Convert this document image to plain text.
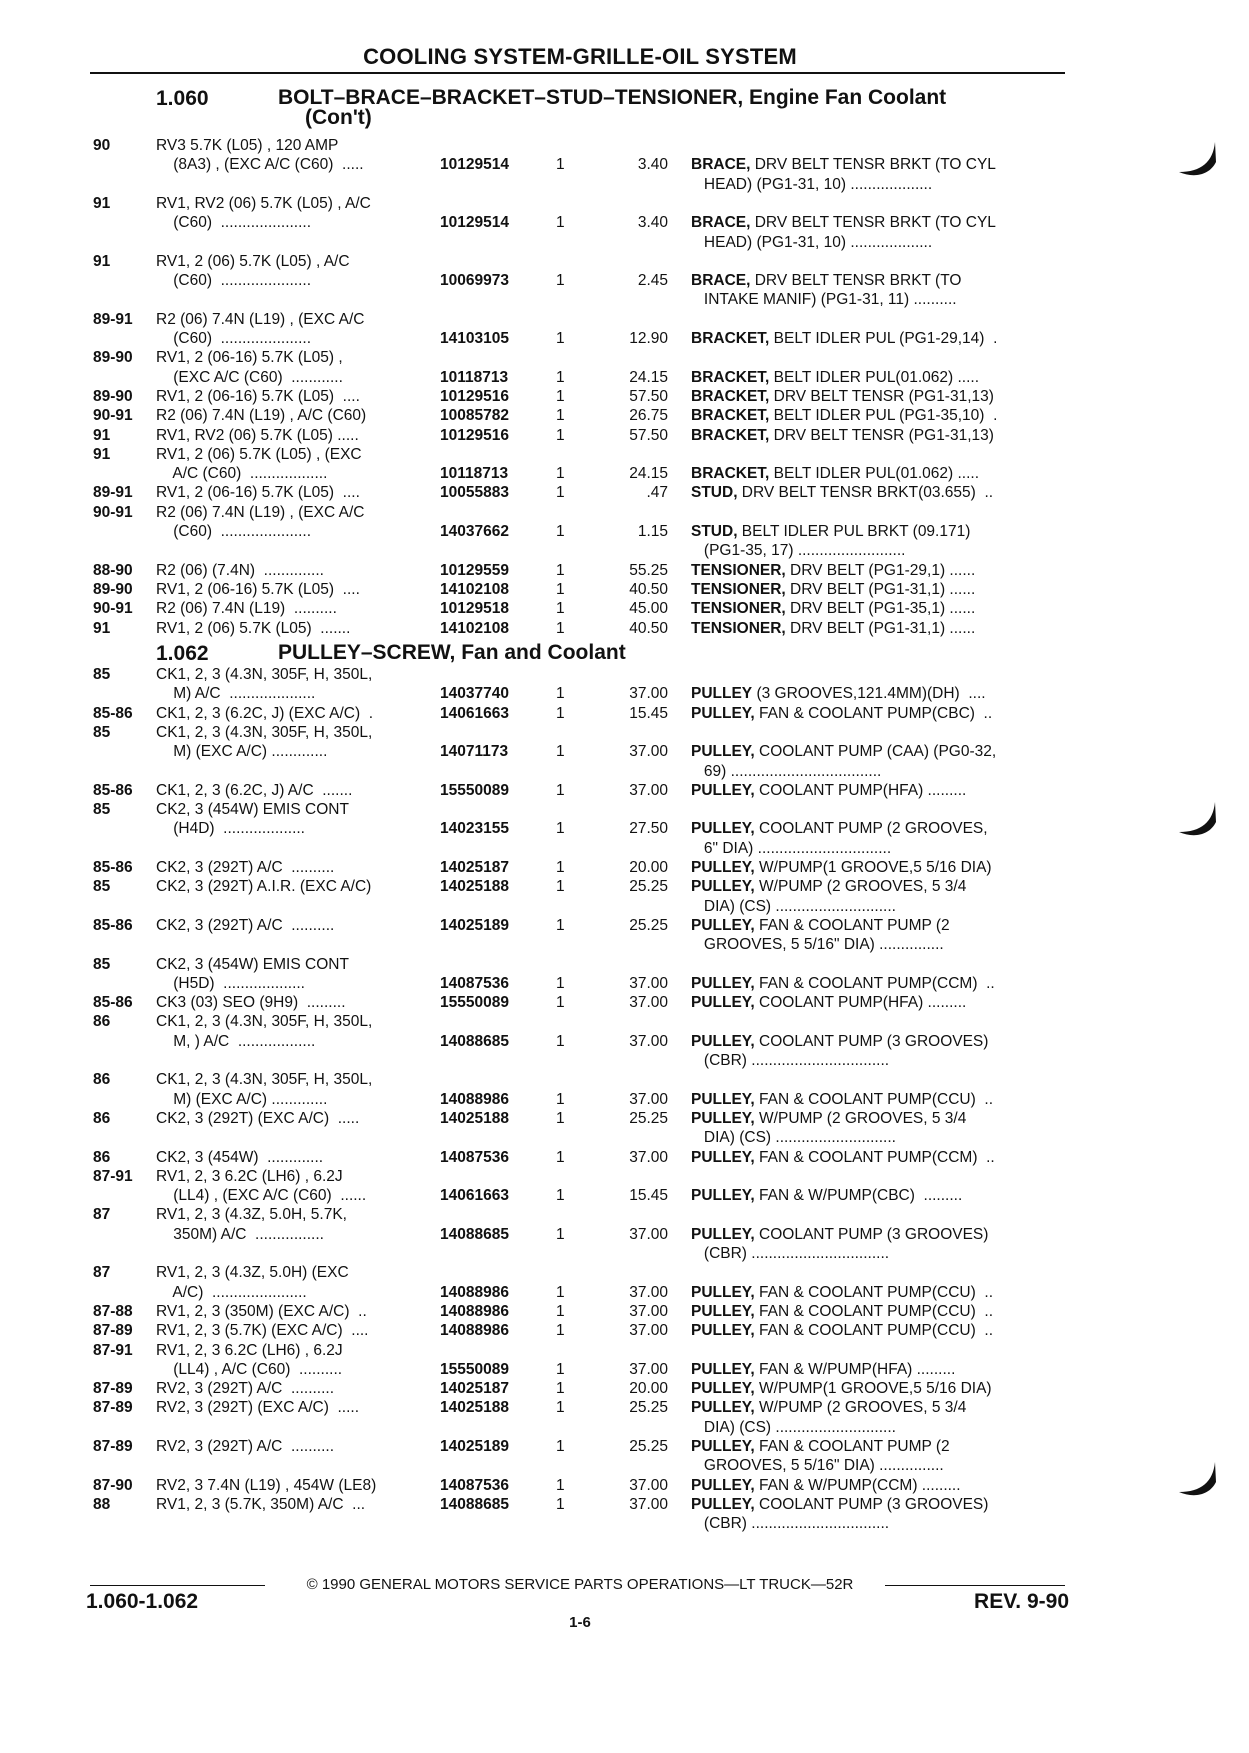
COOLING SYSTEM-GRILLE-OIL SYSTEM
1.060	BOLT–BRACE–BRACKET–STUD–TENSIONER, Engine Fan Coolant
(Con't)
1.062	PULLEY–SCREW, Fan and Coolant
90	RV3 5.7K (L05) , 120 AMP
(8A3) , (EXC A/C (C60)  .....	10129514	1	3.40 BRACE, DRV BELT TENSR BRKT (TO CYL
HEAD) (PG1-31, 10) ...................
91	RV1, RV2 (06) 5.7K (L05) , A/C
(C60)  .....................	10129514	1	3.40 BRACE, DRV BELT TENSR BRKT (TO CYL
HEAD) (PG1-31, 10) ...................
91	RV1, 2 (06) 5.7K (L05) , A/C
(C60)  .....................	10069973	1	2.45 BRACE, DRV BELT TENSR BRKT (TO
INTAKE MANIF) (PG1-31, 11) ..........
89-91 R2 (06) 7.4N (L19) , (EXC A/C
(C60)  .....................	14103105	1	12.90 BRACKET, BELT IDLER PUL (PG1-29,14)  .
89-90 RV1, 2 (06-16) 5.7K (L05) ,
(EXC A/C (C60)  ............	10118713	1	24.15 BRACKET, BELT IDLER PUL(01.062) .....
89-90 RV1, 2 (06-16) 5.7K (L05)  ....	10129516	1	57.50 BRACKET, DRV BELT TENSR (PG1-31,13)
90-91 R2 (06) 7.4N (L19) , A/C (C60)	10085782	1	26.75 BRACKET, BELT IDLER PUL (PG1-35,10)  .
91	RV1, RV2 (06) 5.7K (L05) .....	10129516	1	57.50 BRACKET, DRV BELT TENSR (PG1-31,13)
91	RV1, 2 (06) 5.7K (L05) , (EXC
A/C (C60)  ..................	10118713	1	24.15 BRACKET, BELT IDLER PUL(01.062) .....
89-91 RV1, 2 (06-16) 5.7K (L05)  ....	10055883	1	.47 STUD, DRV BELT TENSR BRKT(03.655)  ..
90-91 R2 (06) 7.4N (L19) , (EXC A/C
(C60)  .....................	14037662	1	1.15 STUD, BELT IDLER PUL BRKT (09.171)
(PG1-35, 17) .........................
88-90 R2 (06) (7.4N)  ..............	10129559	1	55.25 TENSIONER, DRV BELT (PG1-29,1) ......
89-90 RV1, 2 (06-16) 5.7K (L05)  ....	14102108	1	40.50 TENSIONER, DRV BELT (PG1-31,1) ......
90-91 R2 (06) 7.4N (L19)  ..........	10129518	1	45.00 TENSIONER, DRV BELT (PG1-35,1) ......
91	RV1, 2 (06) 5.7K (L05)  .......	14102108	1	40.50 TENSIONER, DRV BELT (PG1-31,1) ......
85	CK1, 2, 3 (4.3N, 305F, H, 350L,
M) A/C  ....................	14037740	1	37.00 PULLEY (3 GROOVES,121.4MM)(DH)  ....
85-86 CK1, 2, 3 (6.2C, J) (EXC A/C)  .	14061663	1	15.45 PULLEY, FAN & COOLANT PUMP(CBC)  ..
85	CK1, 2, 3 (4.3N, 305F, H, 350L,
M) (EXC A/C) .............	14071173	1	37.00 PULLEY, COOLANT PUMP (CAA) (PG0-32,
69) ...................................
85-86 CK1, 2, 3 (6.2C, J) A/C  .......	15550089	1	37.00 PULLEY, COOLANT PUMP(HFA) .........
85	CK2, 3 (454W) EMIS CONT
(H4D)  ...................	14023155	1	27.50 PULLEY, COOLANT PUMP (2 GROOVES,
6" DIA) ...............................
85-86 CK2, 3 (292T) A/C  ..........	14025187	1	20.00 PULLEY, W/PUMP(1 GROOVE,5 5/16 DIA)
85	CK2, 3 (292T) A.I.R. (EXC A/C)	14025188	1	25.25 PULLEY, W/PUMP (2 GROOVES, 5 3/4
DIA) (CS) ............................
85-86 CK2, 3 (292T) A/C  ..........	14025189	1	25.25 PULLEY, FAN & COOLANT PUMP (2
GROOVES, 5 5/16" DIA) ...............
85	CK2, 3 (454W) EMIS CONT
(H5D)  ...................	14087536	1	37.00 PULLEY, FAN & COOLANT PUMP(CCM)  ..
85-86 CK3 (03) SEO (9H9)  .........	15550089	1	37.00 PULLEY, COOLANT PUMP(HFA) .........
86	CK1, 2, 3 (4.3N, 305F, H, 350L,
M, ) A/C  ..................	14088685	1	37.00 PULLEY, COOLANT PUMP (3 GROOVES)
(CBR) ................................
86	CK1, 2, 3 (4.3N, 305F, H, 350L,
M) (EXC A/C) .............	14088986	1	37.00 PULLEY, FAN & COOLANT PUMP(CCU)  ..
86	CK2, 3 (292T) (EXC A/C)  .....	14025188	1	25.25 PULLEY, W/PUMP (2 GROOVES, 5 3/4
DIA) (CS) ............................
86	CK2, 3 (454W)  .............	14087536	1	37.00 PULLEY, FAN & COOLANT PUMP(CCM)  ..
87-91 RV1, 2, 3 6.2C (LH6) , 6.2J
(LL4) , (EXC A/C (C60)  ......	14061663	1	15.45 PULLEY, FAN & W/PUMP(CBC)  .........
87	RV1, 2, 3 (4.3Z, 5.0H, 5.7K,
350M) A/C  ................	14088685	1	37.00 PULLEY, COOLANT PUMP (3 GROOVES)
(CBR) ................................
87	RV1, 2, 3 (4.3Z, 5.0H) (EXC
A/C)  ......................	14088986	1	37.00 PULLEY, FAN & COOLANT PUMP(CCU)  ..
87-88 RV1, 2, 3 (350M) (EXC A/C)  ..	14088986	1	37.00 PULLEY, FAN & COOLANT PUMP(CCU)  ..
87-89 RV1, 2, 3 (5.7K) (EXC A/C)  ....	14088986	1	37.00 PULLEY, FAN & COOLANT PUMP(CCU)  ..
87-91 RV1, 2, 3 6.2C (LH6) , 6.2J
(LL4) , A/C (C60)  ..........	15550089	1	37.00 PULLEY, FAN & W/PUMP(HFA) .........
87-89 RV2, 3 (292T) A/C  ..........	14025187	1	20.00 PULLEY, W/PUMP(1 GROOVE,5 5/16 DIA)
87-89 RV2, 3 (292T) (EXC A/C)  .....	14025188	1	25.25 PULLEY, W/PUMP (2 GROOVES, 5 3/4
DIA) (CS) ............................
87-89 RV2, 3 (292T) A/C  ..........	14025189	1	25.25 PULLEY, FAN & COOLANT PUMP (2
GROOVES, 5 5/16" DIA) ...............
87-90 RV2, 3 7.4N (L19) , 454W (LE8)	14087536	1	37.00 PULLEY, FAN & W/PUMP(CCM) .........
88	RV1, 2, 3 (5.7K, 350M) A/C  ...	14088685	1	37.00 PULLEY, COOLANT PUMP (3 GROOVES)
(CBR) ................................
© 1990 GENERAL MOTORS SERVICE PARTS OPERATIONS—LT TRUCK—52R
1.060-1.062
1-6
REV. 9-90
